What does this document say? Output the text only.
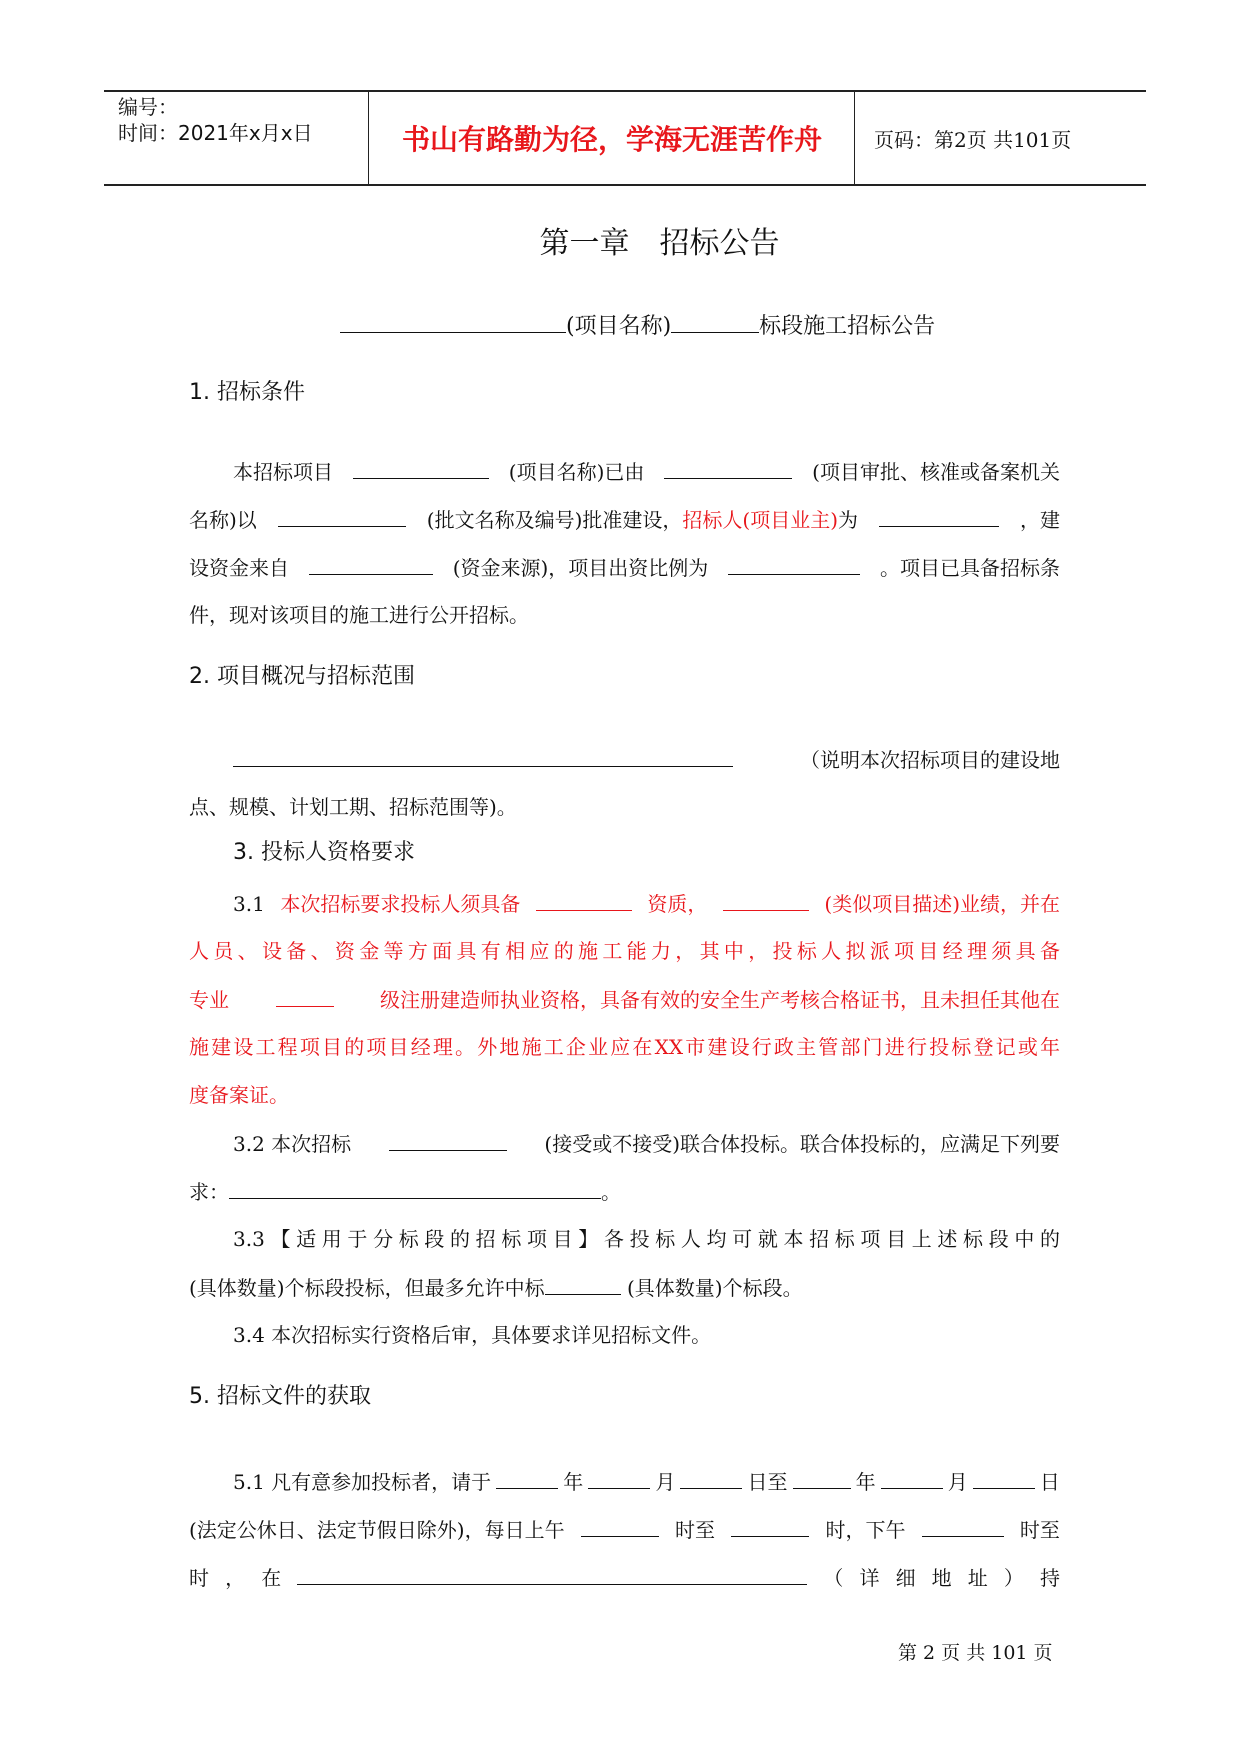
编号：
时间：2021年x月x日	书山有路勤为径，学海无涯苦作舟	页码：第2页 共101页
第一章　招标公告
(项目名称)	标段施工招标公告
1. 招标条件
本招标项目	(项目名称)已由	(项目审批、核准或备案机关
名称)以	(批文名称及编号)批准建设，招标人(项目业主)为	，建
设资金来自	(资金来源)，项目出资比例为	。项目已具备招标条
件，现对该项目的施工进行公开招标。
2. 项目概况与招标范围
（说明本次招标项目的建设地
点、规模、计划工期、招标范围等)。
3. 投标人资格要求
3.1 本次招标要求投标人须具备	资质，	(类似项目描述)业绩，并在
人员、设备、资金等方面具有相应的施工能力，其中，投标人拟派项目经理须具备
专业	级注册建造师执业资格，具备有效的安全生产考核合格证书，且未担任其他在
施建设工程项目的项目经理。外地施工企业应在XX市建设行政主管部门进行投标登记或年
度备案证。
3.2 本次招标	(接受或不接受)联合体投标。联合体投标的，应满足下列要
求：	。
3.3【适用于分标段的招标项目】各投标人均可就本招标项目上述标段中的
(具体数量)个标段投标，但最多允许中标	(具体数量)个标段。
3.4 本次招标实行资格后审，具体要求详见招标文件。
5. 招标文件的获取
5.1 凡有意参加投标者，请于	年	月	日至	年	月	日
(法定公休日、法定节假日除外)，每日上午	时至	时，下午	时至
时 ， 在	（ 详 细 地 址 ） 持
第 2 页 共 101 页
